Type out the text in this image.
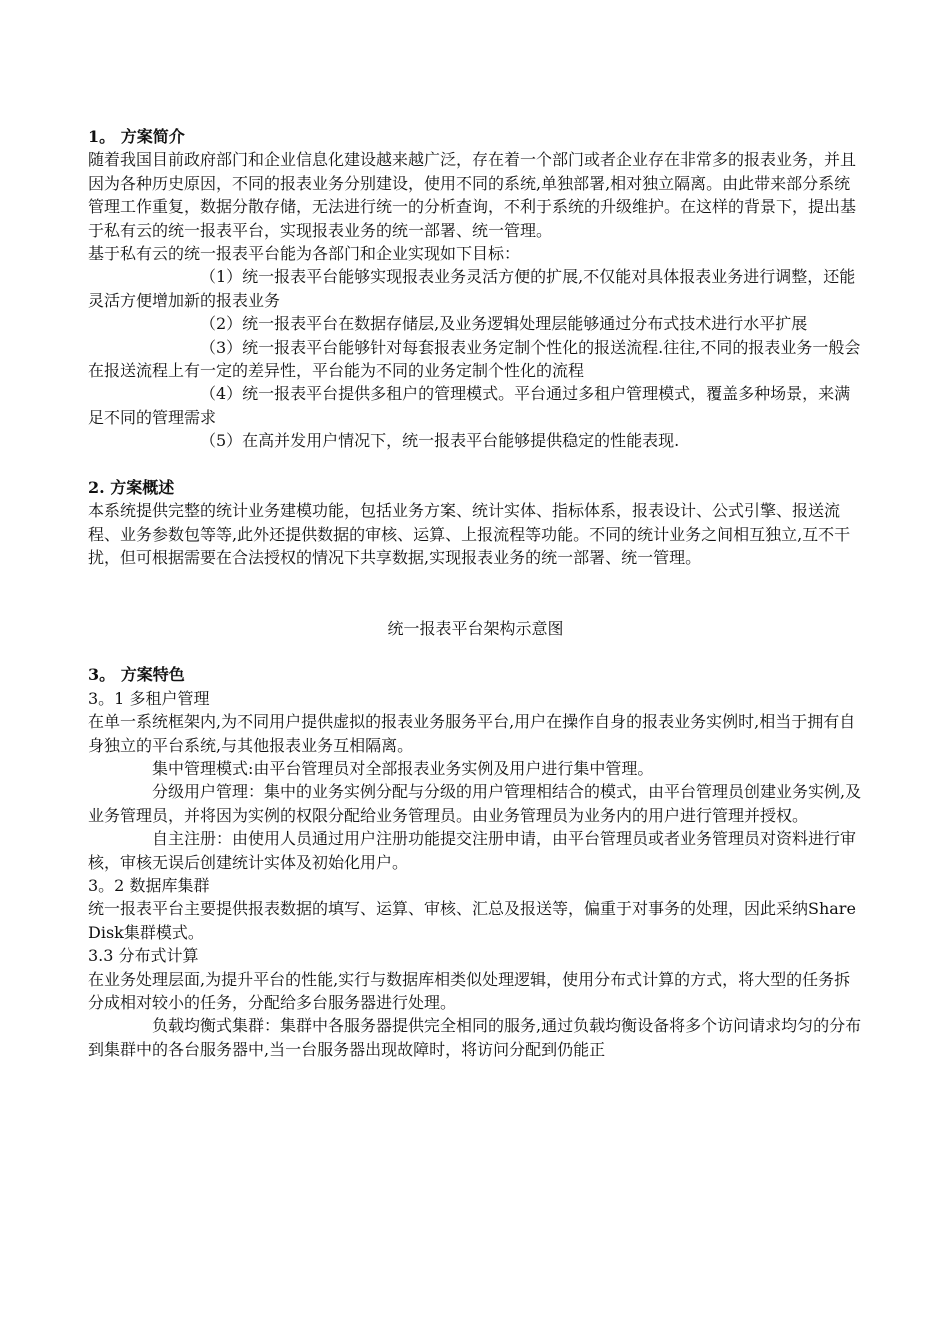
1。 方案简介

随着我国目前政府部门和企业信息化建设越来越广泛，存在着一个部门或者企业存在非常多的报表业务，并且因为各种历史原因，不同的报表业务分别建设，使用不同的系统,单独部署,相对独立隔离。由此带来部分系统管理工作重复，数据分散存储，无法进行统一的分析查询，不利于系统的升级维护。在这样的背景下，提出基于私有云的统一报表平台，实现报表业务的统一部署、统一管理。

基于私有云的统一报表平台能为各部门和企业实现如下目标：

（1）统一报表平台能够实现报表业务灵活方便的扩展,不仅能对具体报表业务进行调整，还能灵活方便增加新的报表业务

（2）统一报表平台在数据存储层,及业务逻辑处理层能够通过分布式技术进行水平扩展

（3）统一报表平台能够针对每套报表业务定制个性化的报送流程.往往,不同的报表业务一般会在报送流程上有一定的差异性，平台能为不同的业务定制个性化的流程

（4）统一报表平台提供多租户的管理模式。平台通过多租户管理模式，覆盖多种场景，来满足不同的管理需求

（5）在高并发用户情况下，统一报表平台能够提供稳定的性能表现.

2. 方案概述

本系统提供完整的统计业务建模功能，包括业务方案、统计实体、指标体系，报表设计、公式引擎、报送流程、业务参数包等等,此外还提供数据的审核、运算、上报流程等功能。不同的统计业务之间相互独立,互不干扰，但可根据需要在合法授权的情况下共享数据,实现报表业务的统一部署、统一管理。

统一报表平台架构示意图

3。 方案特色

3。1 多租户管理

在单一系统框架内,为不同用户提供虚拟的报表业务服务平台,用户在操作自身的报表业务实例时,相当于拥有自身独立的平台系统,与其他报表业务互相隔离。

集中管理模式:由平台管理员对全部报表业务实例及用户进行集中管理。

分级用户管理：集中的业务实例分配与分级的用户管理相结合的模式，由平台管理员创建业务实例,及业务管理员，并将因为实例的权限分配给业务管理员。由业务管理员为业务内的用户进行管理并授权。

自主注册：由使用人员通过用户注册功能提交注册申请，由平台管理员或者业务管理员对资料进行审核，审核无误后创建统计实体及初始化用户。

3。2 数据库集群

统一报表平台主要提供报表数据的填写、运算、审核、汇总及报送等，偏重于对事务的处理，因此采纳Share Disk集群模式。

3.3 分布式计算

在业务处理层面,为提升平台的性能,实行与数据库相类似处理逻辑，使用分布式计算的方式，将大型的任务拆分成相对较小的任务，分配给多台服务器进行处理。

负载均衡式集群：集群中各服务器提供完全相同的服务,通过负载均衡设备将多个访问请求均匀的分布到集群中的各台服务器中,当一台服务器出现故障时，将访问分配到仍能正
